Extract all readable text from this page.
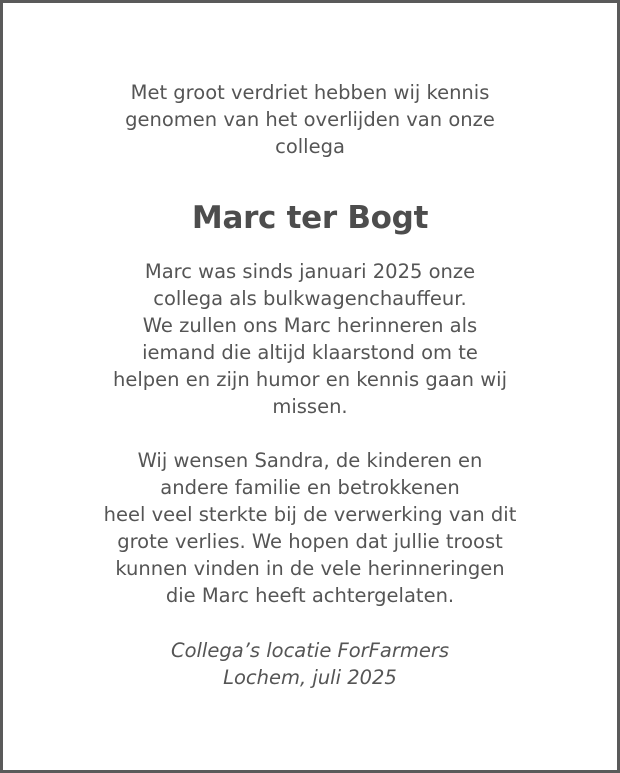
Met groot verdriet hebben wij kennis
genomen van het overlijden van onze
collega
Marc ter Bogt
Marc was sinds januari 2025 onze
collega als bulkwagenchauffeur.
We zullen ons Marc herinneren als
iemand die altijd klaarstond om te
helpen en zijn humor en kennis gaan wij
missen.
Wij wensen Sandra, de kinderen en
andere familie en betrokkenen
heel veel sterkte bij de verwerking van dit
grote verlies. We hopen dat jullie troost
kunnen vinden in de vele herinneringen
die Marc heeft achtergelaten.
Collega’s locatie ForFarmers
Lochem, juli 2025
